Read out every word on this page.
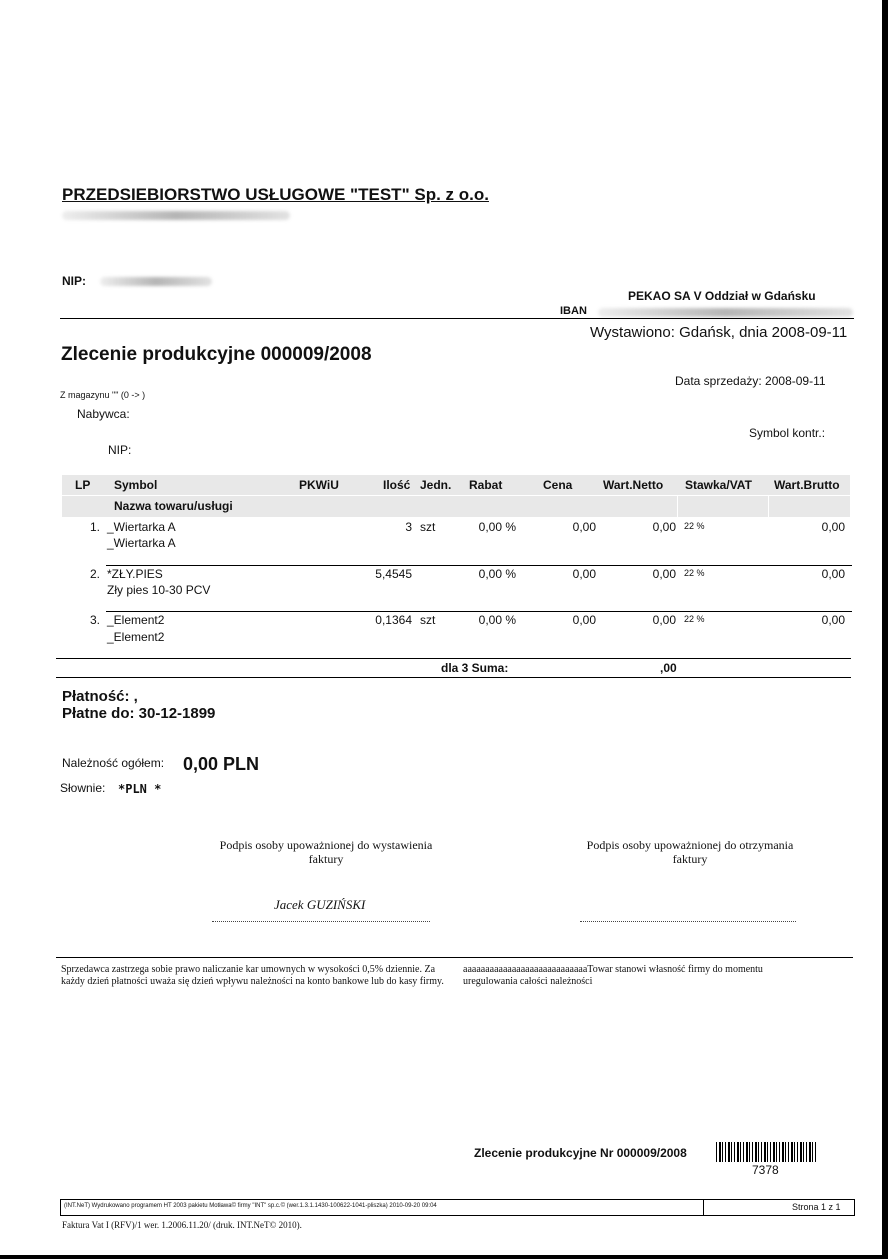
PRZEDSIEBIORSTWO USŁUGOWE "TEST" Sp. z o.o.
NIP:
PEKAO SA V Oddział w Gdańsku
IBAN
Wystawiono: Gdańsk, dnia 2008-09-11
Zlecenie produkcyjne 000009/2008
Data sprzedaży: 2008-09-11
Z magazynu "" (0 -> )
Nabywca:
Symbol kontr.:
NIP:
LP Symbol	PKWiU	Ilość Jedn. Rabat	Cena	Wart.Netto Stawka/VAT Wart.Brutto
Nazwa towaru/usługi
1. _Wiertarka A
_Wiertarka A
3 szt	0,00 %	0,00	0,00 22 %	0,00
2. *ZŁY.PIES
Zły pies 10-30 PCV
5,4545	0,00 %	0,00	0,00 22 %	0,00
3. _Element2
_Element2
0,1364 szt	0,00 %	0,00	0,00 22 %	0,00
dla 3 Suma:	,00
Płatność: ,
Płatne do: 30-12-1899
Należność ogółem: 0,00 PLN
Słownie: *PLN *
Podpis osoby upoważnionej do wystawienia faktury
Jacek GUZIŃSKI
Podpis osoby upoważnionej do otrzymania faktury
Sprzedawca zastrzega sobie prawo naliczanie kar umownych w wysokości 0,5% dziennie. Za każdy dzień płatności uważa się dzień wpływu należności na konto bankowe lub do kasy firmy.
aaaaaaaaaaaaaaaaaaaaaaaaaaaaTowar stanowi własność firmy do momentu uregulowania całości należności
Zlecenie produkcyjne Nr 000009/2008
7378
(INT.NeT) Wydrukowano programem HT 2003 pakietu Motława© firmy "INT" sp.c.© (wer.1.3.1.1430-100622-1041-pliszka) 2010-09-20 09:04	Strona 1 z 1
Faktura Vat I (RFV)/1 wer. 1.2006.11.20/ (druk. INT.NeT© 2010).
